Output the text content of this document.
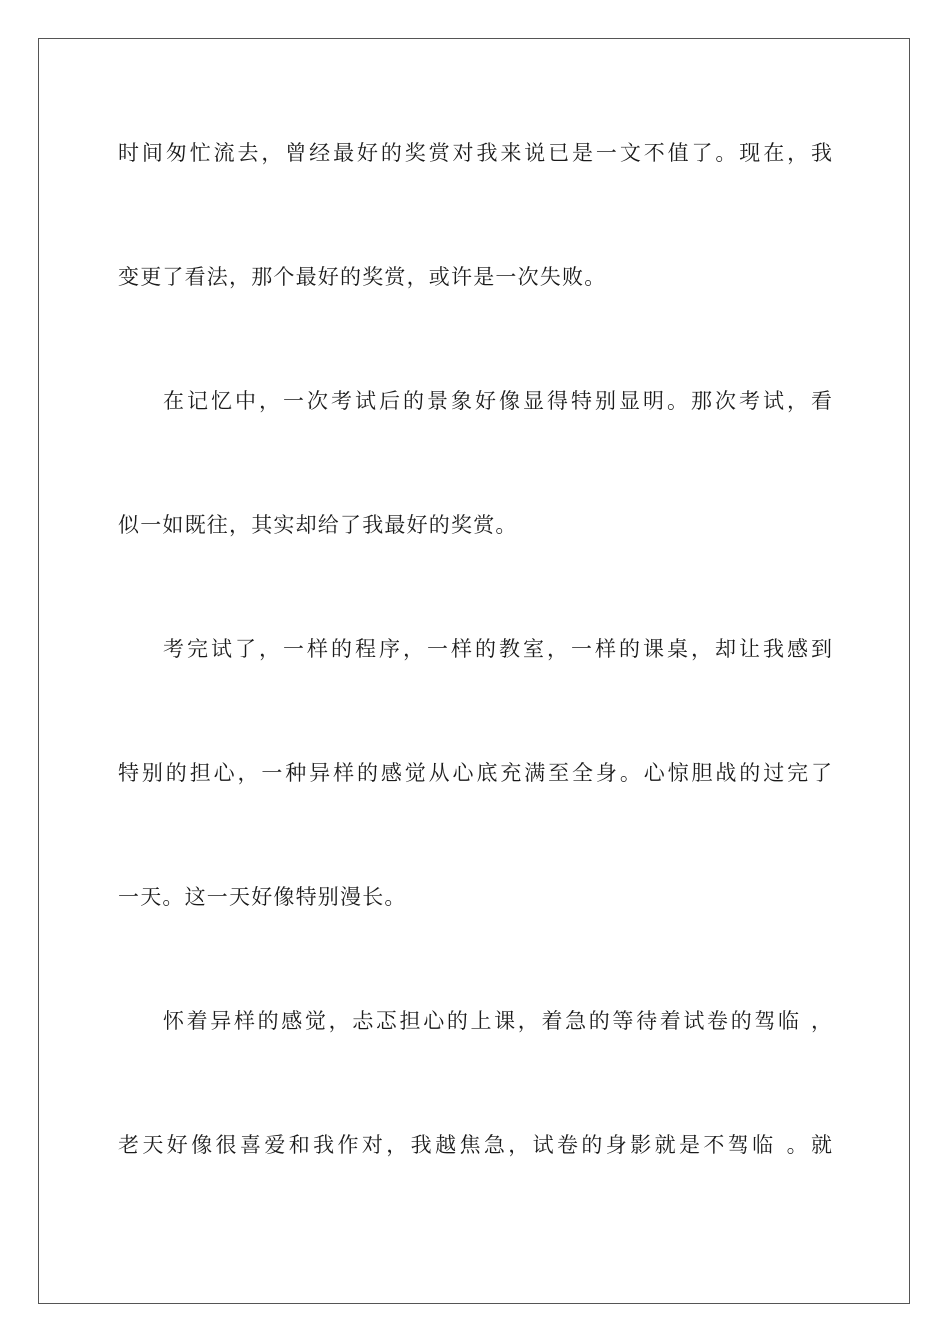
时间匆忙流去，曾经最好的奖赏对我来说已是一文不值了。现在，我
变更了看法，那个最好的奖赏，或许是一次失败。
在记忆中，一次考试后的景象好像显得特别显明。那次考试，看
似一如既往，其实却给了我最好的奖赏。
考完试了，一样的程序，一样的教室，一样的课桌，却让我感到
特别的担心，一种异样的感觉从心底充满至全身。心惊胆战的过完了
一天。这一天好像特别漫长。
怀着异样的感觉，忐忑担心的上课，着急的等待着试卷的驾临 ，
老天好像很喜爱和我作对，我越焦急，试卷的身影就是不驾临 。就
